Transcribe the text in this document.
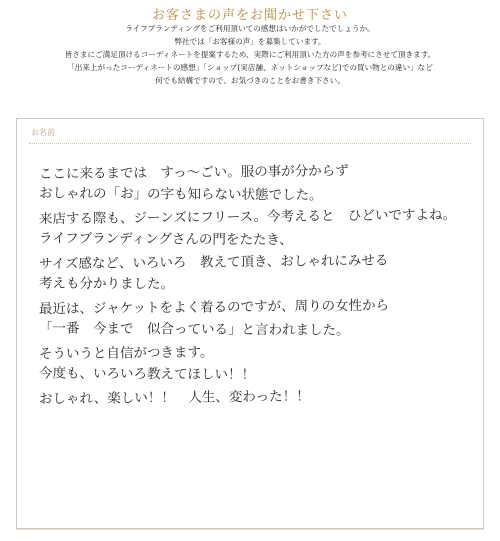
お客さまの声をお聞かせ下さい
ライフブランディングをご利用頂いての感想はいかがでしたでしょうか。
弊社では「お客様の声」を募集しています。
皆さまにご満足頂けるコーディネートを提案するため、実際にご利用頂いた方の声を参考にさせて頂きます。
「出来上がったコーディネートの感想」「ショップ(実店舗、ネットショップなど)での買い物との違い」など
何でも結構ですので、お気づきのことをお書き下さい。
お名前
ここに来るまでは　すっ～ごい。服の事が分からず
おしゃれの「お」の字も知らない状態でした。
来店する際も、ジーンズにフリース。今考えると　ひどいですよね。
ライフブランディングさんの門をたたき、
サイズ感など、いろいろ　教えて頂き、おしゃれにみせる
考えも分かりました。
最近は、ジャケットをよく着るのですが、周りの女性から
「一番　今まで　似合っている」と言われました。
そういうと自信がつきます。
今度も、いろいろ教えてほしい！！
おしゃれ、楽しい！！　人生、変わった！！
